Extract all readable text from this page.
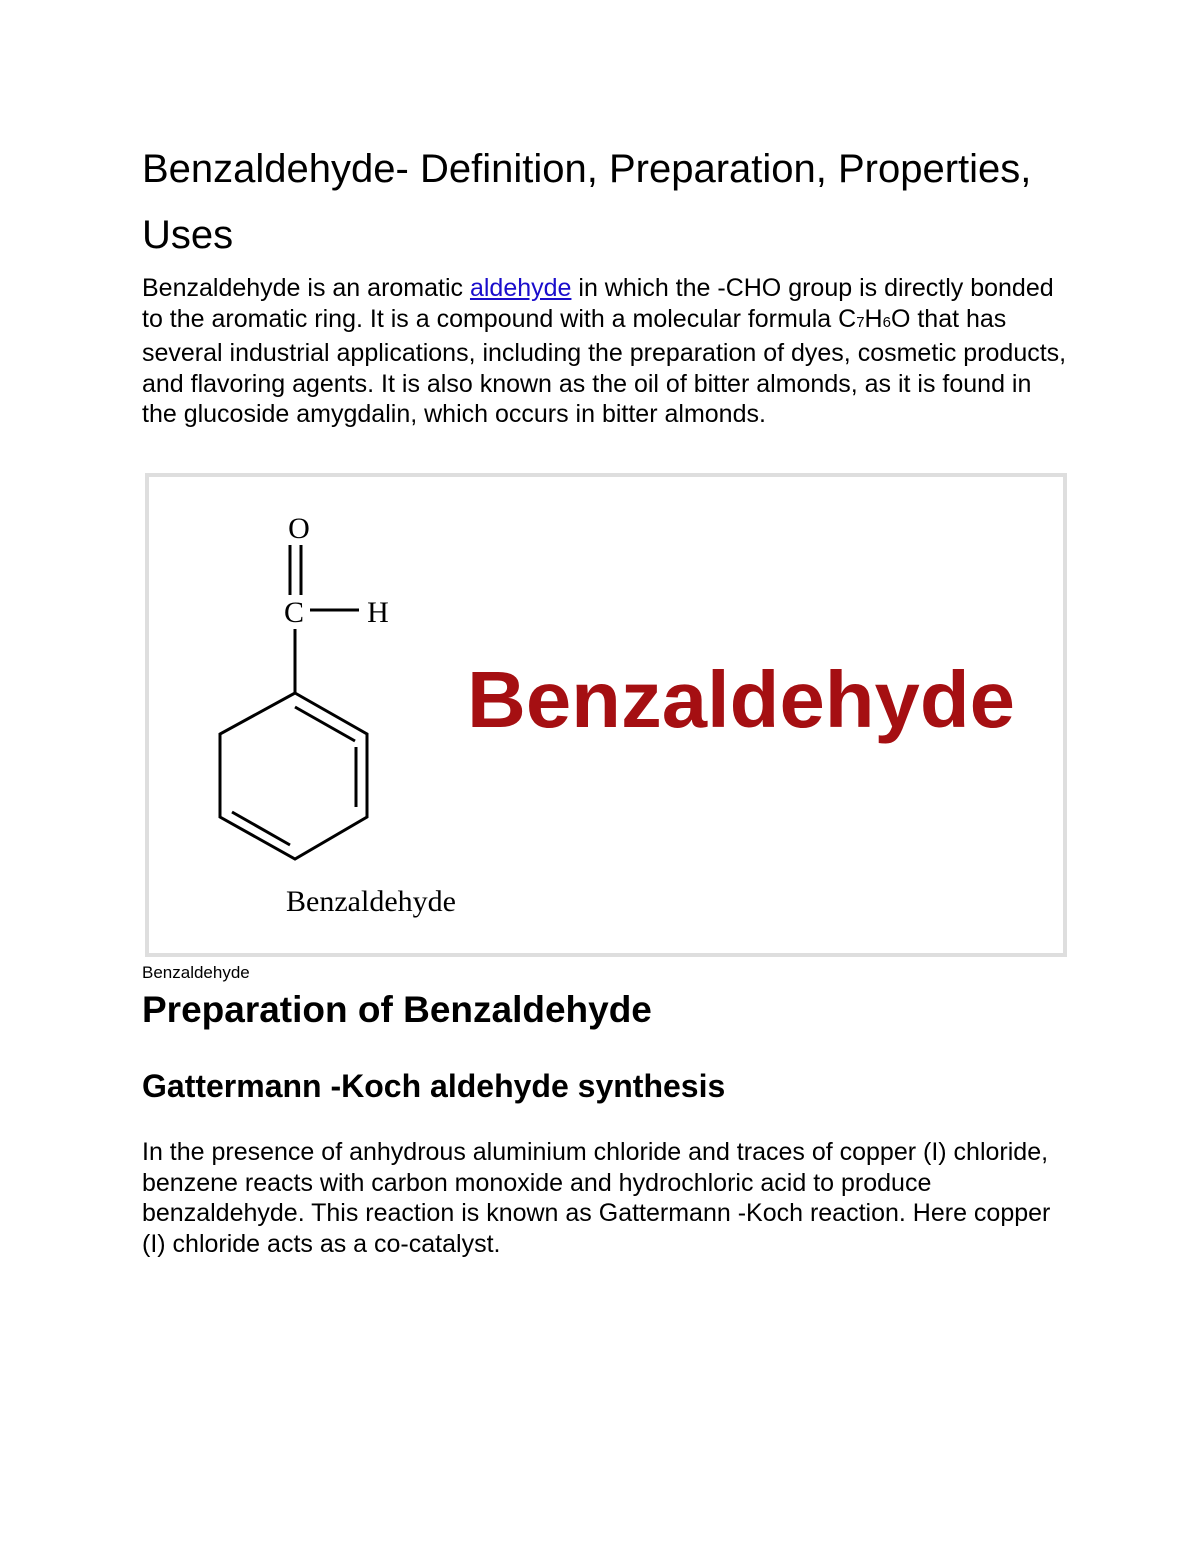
Benzaldehyde- Definition, Preparation, Properties, Uses

Benzaldehyde is an aromatic aldehyde in which the -CHO group is directly bonded to the aromatic ring. It is a compound with a molecular formula C7H6O that has several industrial applications, including the preparation of dyes, cosmetic products, and flavoring agents. It is also known as the oil of bitter almonds, as it is found in the glucoside amygdalin, which occurs in bitter almonds.

O
C H
Benzaldehyde
Benzaldehyde

Benzaldehyde

Preparation of Benzaldehyde
Gattermann -Koch aldehyde synthesis

In the presence of anhydrous aluminium chloride and traces of copper (I) chloride, benzene reacts with carbon monoxide and hydrochloric acid to produce benzaldehyde. This reaction is known as Gattermann -Koch reaction. Here copper (I) chloride acts as a co-catalyst.
